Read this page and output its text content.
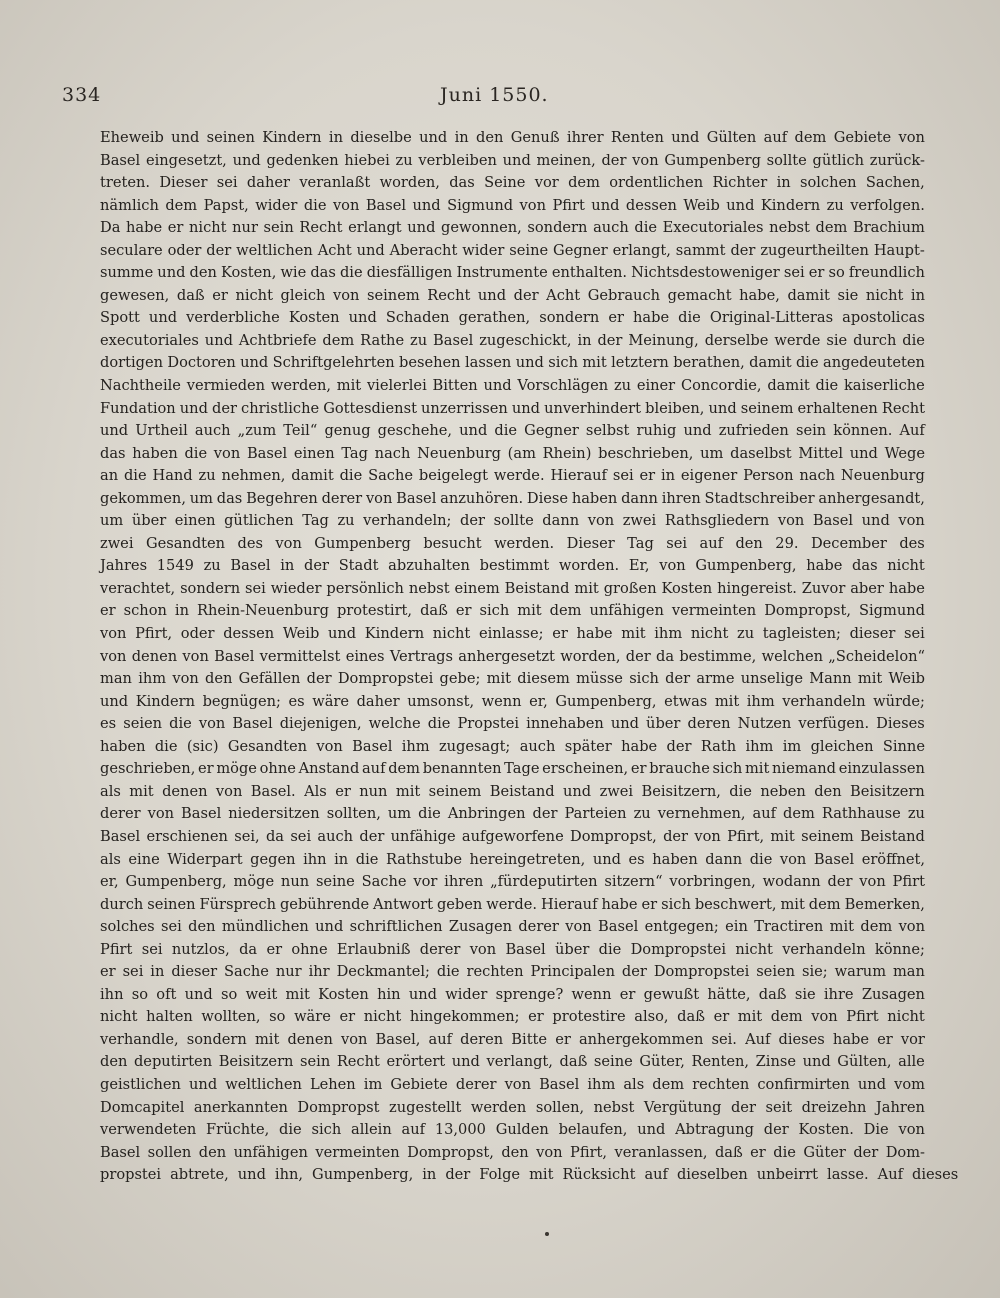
334	Juni 1550.
Eheweib und seinen Kindern in dieselbe und in den Genuß ihrer Renten und Gülten auf dem Gebiete von
Basel eingesetzt, und gedenken hiebei zu verbleiben und meinen, der von Gumpenberg sollte gütlich zurück-
treten. Dieser sei daher veranlaßt worden, das Seine vor dem ordentlichen Richter in solchen Sachen,
nämlich dem Papst, wider die von Basel und Sigmund von Pfirt und dessen Weib und Kindern zu verfolgen.
Da habe er nicht nur sein Recht erlangt und gewonnen, sondern auch die Executoriales nebst dem Brachium
seculare oder der weltlichen Acht und Aberacht wider seine Gegner erlangt, sammt der zugeurtheilten Haupt-
summe und den Kosten, wie das die diesfälligen Instrumente enthalten. Nichtsdestoweniger sei er so freundlich
gewesen, daß er nicht gleich von seinem Recht und der Acht Gebrauch gemacht habe, damit sie nicht in
Spott und verderbliche Kosten und Schaden gerathen, sondern er habe die Original-Litteras apostolicas
executoriales und Achtbriefe dem Rathe zu Basel zugeschickt, in der Meinung, derselbe werde sie durch die
dortigen Doctoren und Schriftgelehrten besehen lassen und sich mit letztern berathen, damit die angedeuteten
Nachtheile vermieden werden, mit vielerlei Bitten und Vorschlägen zu einer Concordie, damit die kaiserliche
Fundation und der christliche Gottesdienst unzerrissen und unverhindert bleiben, und seinem erhaltenen Recht
und Urtheil auch „zum Teil“ genug geschehe, und die Gegner selbst ruhig und zufrieden sein können. Auf
das haben die von Basel einen Tag nach Neuenburg (am Rhein) beschrieben, um daselbst Mittel und Wege
an die Hand zu nehmen, damit die Sache beigelegt werde. Hierauf sei er in eigener Person nach Neuenburg
gekommen, um das Begehren derer von Basel anzuhören. Diese haben dann ihren Stadtschreiber anhergesandt,
um über einen gütlichen Tag zu verhandeln; der sollte dann von zwei Rathsgliedern von Basel und von
zwei Gesandten des von Gumpenberg besucht werden. Dieser Tag sei auf den 29. December des
Jahres 1549 zu Basel in der Stadt abzuhalten bestimmt worden. Er, von Gumpenberg, habe das nicht
verachtet, sondern sei wieder persönlich nebst einem Beistand mit großen Kosten hingereist. Zuvor aber habe
er schon in Rhein-Neuenburg protestirt, daß er sich mit dem unfähigen vermeinten Dompropst, Sigmund
von Pfirt, oder dessen Weib und Kindern nicht einlasse; er habe mit ihm nicht zu tagleisten; dieser sei
von denen von Basel vermittelst eines Vertrags anhergesetzt worden, der da bestimme, welchen „Scheidelon“
man ihm von den Gefällen der Dompropstei gebe; mit diesem müsse sich der arme unselige Mann mit Weib
und Kindern begnügen; es wäre daher umsonst, wenn er, Gumpenberg, etwas mit ihm verhandeln würde;
es seien die von Basel diejenigen, welche die Propstei innehaben und über deren Nutzen verfügen. Dieses
haben die (sic) Gesandten von Basel ihm zugesagt; auch später habe der Rath ihm im gleichen Sinne
geschrieben, er möge ohne Anstand auf dem benannten Tage erscheinen, er brauche sich mit niemand einzulassen
als mit denen von Basel. Als er nun mit seinem Beistand und zwei Beisitzern, die neben den Beisitzern
derer von Basel niedersitzen sollten, um die Anbringen der Parteien zu vernehmen, auf dem Rathhause zu
Basel erschienen sei, da sei auch der unfähige aufgeworfene Dompropst, der von Pfirt, mit seinem Beistand
als eine Widerpart gegen ihn in die Rathstube hereingetreten, und es haben dann die von Basel eröffnet,
er, Gumpenberg, möge nun seine Sache vor ihren „fürdeputirten sitzern“ vorbringen, wodann der von Pfirt
durch seinen Fürsprech gebührende Antwort geben werde. Hierauf habe er sich beschwert, mit dem Bemerken,
solches sei den mündlichen und schriftlichen Zusagen derer von Basel entgegen; ein Tractiren mit dem von
Pfirt sei nutzlos, da er ohne Erlaubniß derer von Basel über die Dompropstei nicht verhandeln könne;
er sei in dieser Sache nur ihr Deckmantel; die rechten Principalen der Dompropstei seien sie; warum man
ihn so oft und so weit mit Kosten hin und wider sprenge? wenn er gewußt hätte, daß sie ihre Zusagen
nicht halten wollten, so wäre er nicht hingekommen; er protestire also, daß er mit dem von Pfirt nicht
verhandle, sondern mit denen von Basel, auf deren Bitte er anhergekommen sei. Auf dieses habe er vor
den deputirten Beisitzern sein Recht erörtert und verlangt, daß seine Güter, Renten, Zinse und Gülten, alle
geistlichen und weltlichen Lehen im Gebiete derer von Basel ihm als dem rechten confirmirten und vom
Domcapitel anerkannten Dompropst zugestellt werden sollen, nebst Vergütung der seit dreizehn Jahren
verwendeten Früchte, die sich allein auf 13,000 Gulden belaufen, und Abtragung der Kosten. Die von
Basel sollen den unfähigen vermeinten Dompropst, den von Pfirt, veranlassen, daß er die Güter der Dom-
propstei abtrete, und ihn, Gumpenberg, in der Folge mit Rücksicht auf dieselben unbeirrt lasse. Auf dieses
